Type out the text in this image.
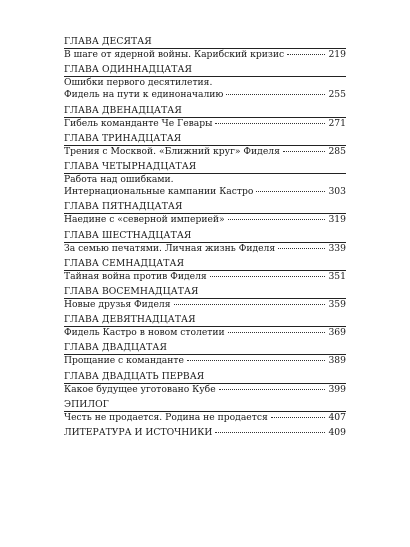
ГЛАВА ДЕСЯТАЯ
В шаге от ядерной войны. Карибский кризис	219
ГЛАВА ОДИННАДЦАТАЯ
Ошибки первого десятилетия.
Фидель на пути к единоначалию	255
ГЛАВА ДВЕНАДЦАТАЯ
Гибель команданте Че Гевары	271
ГЛАВА ТРИНАДЦАТАЯ
Трения с Москвой. «Ближний круг» Фиделя	285
ГЛАВА ЧЕТЫРНАДЦАТАЯ
Работа над ошибками.
Интернациональные кампании Кастро	303
ГЛАВА ПЯТНАДЦАТАЯ
Наедине с «северной империей»	319
ГЛАВА ШЕСТНАДЦАТАЯ
За семью печатями. Личная жизнь Фиделя	339
ГЛАВА СЕМНАДЦАТАЯ
Тайная война против Фиделя	351
ГЛАВА ВОСЕМНАДЦАТАЯ
Новые друзья Фиделя	359
ГЛАВА ДЕВЯТНАДЦАТАЯ
Фидель Кастро в новом столетии	369
ГЛАВА ДВАДЦАТАЯ
Прощание с команданте	389
ГЛАВА ДВАДЦАТЬ ПЕРВАЯ
Какое будущее уготовано Кубе	399
ЭПИЛОГ
Честь не продается. Родина не продается	407
ЛИТЕРАТУРА И ИСТОЧНИКИ	409
